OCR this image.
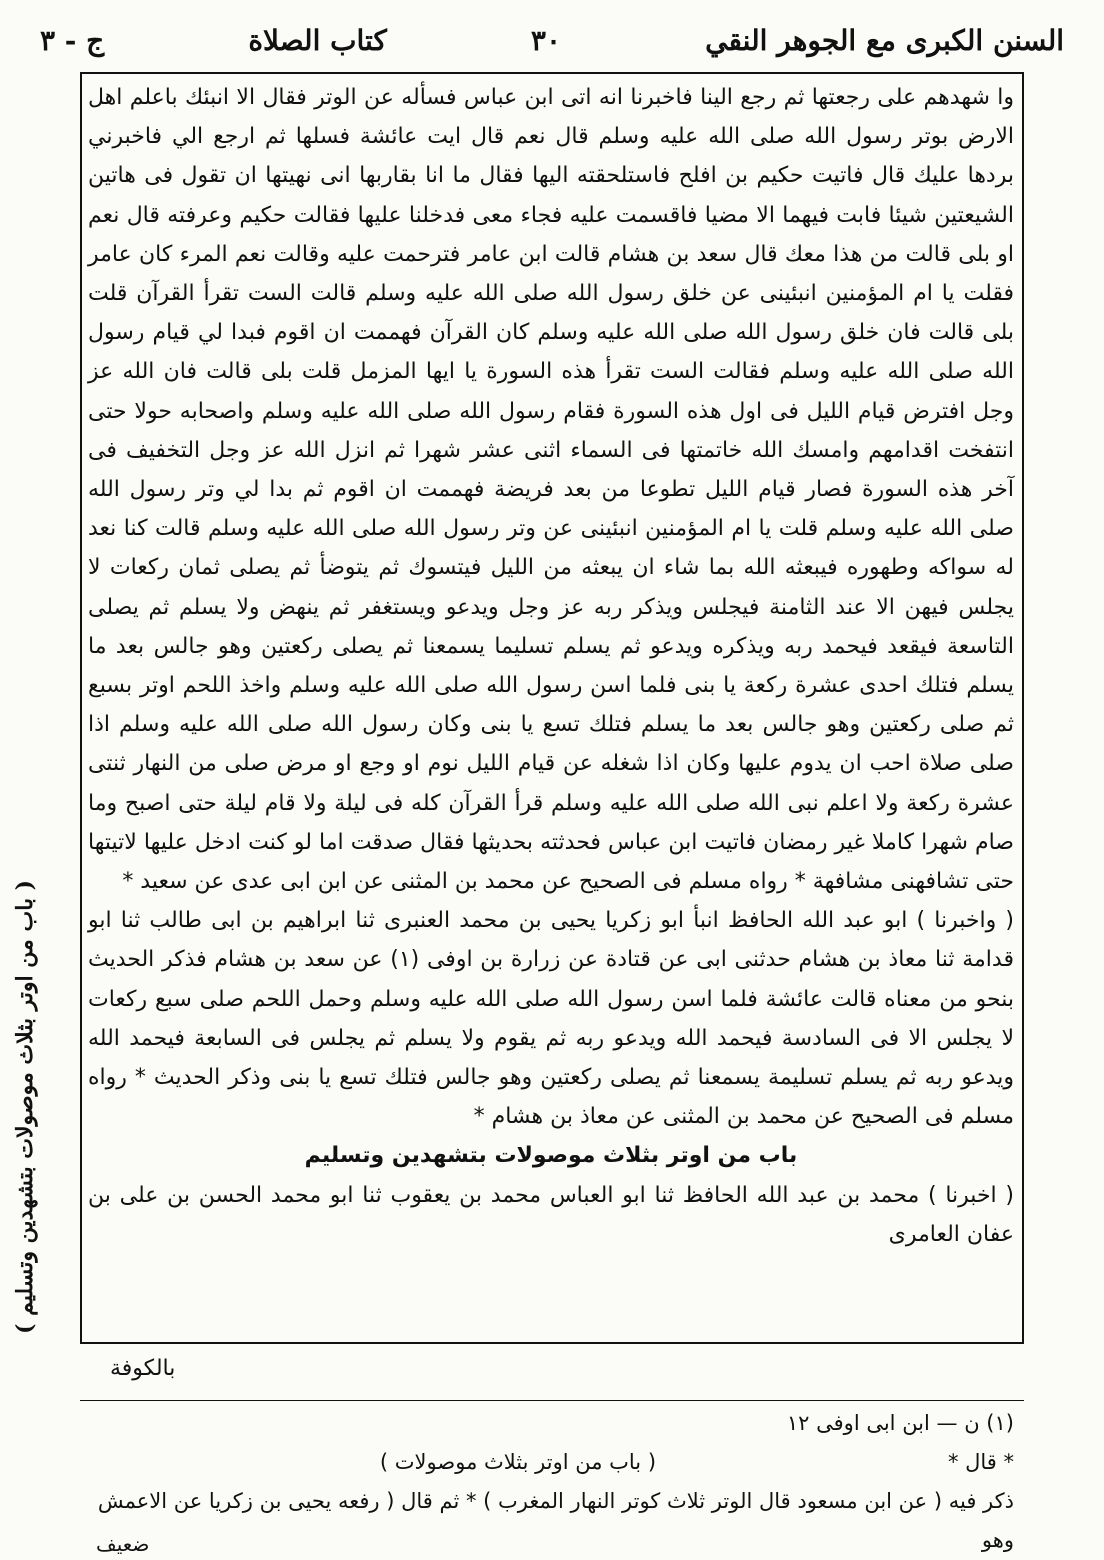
السنن الكبرى مع الجوهر النقي
٣٠
كتاب الصلاة
ج - ٣

وا شهدهم على رجعتها ثم رجع الينا فاخبرنا انه اتى ابن عباس فسأله عن الوتر فقال الا انبئك باعلم اهل الارض بوتر رسول الله صلى الله عليه وسلم قال نعم قال ايت عائشة فسلها ثم ارجع الي فاخبرني بردها عليك قال فاتيت حكيم بن افلح فاستلحقته اليها فقال ما انا بقاربها انى نهيتها ان تقول فى هاتين الشيعتين شيئا فابت فيهما الا مضيا فاقسمت عليه فجاء معى فدخلنا عليها فقالت حكيم وعرفته قال نعم او بلى قالت من هذا معك قال سعد بن هشام قالت ابن عامر فترحمت عليه وقالت نعم المرء كان عامر فقلت يا ام المؤمنين انبئينى عن خلق رسول الله صلى الله عليه وسلم قالت الست تقرأ القرآن قلت بلى قالت فان خلق رسول الله صلى الله عليه وسلم كان القرآن فهممت ان اقوم فبدا لي قيام رسول الله صلى الله عليه وسلم فقالت الست تقرأ هذه السورة يا ايها المزمل قلت بلى قالت فان الله عز وجل افترض قيام الليل فى اول هذه السورة فقام رسول الله صلى الله عليه وسلم واصحابه حولا حتى انتفخت اقدامهم وامسك الله خاتمتها فى السماء اثنى عشر شهرا ثم انزل الله عز وجل التخفيف فى آخر هذه السورة فصار قيام الليل تطوعا من بعد فريضة فهممت ان اقوم ثم بدا لي وتر رسول الله صلى الله عليه وسلم قلت يا ام المؤمنين انبئينى عن وتر رسول الله صلى الله عليه وسلم قالت كنا نعد له سواكه وطهوره فيبعثه الله بما شاء ان يبعثه من الليل فيتسوك ثم يتوضأ ثم يصلى ثمان ركعات لا يجلس فيهن الا عند الثامنة فيجلس ويذكر ربه عز وجل ويدعو ويستغفر ثم ينهض ولا يسلم ثم يصلى التاسعة فيقعد فيحمد ربه ويذكره ويدعو ثم يسلم تسليما يسمعنا ثم يصلى ركعتين وهو جالس بعد ما يسلم فتلك احدى عشرة ركعة يا بنى فلما اسن رسول الله صلى الله عليه وسلم واخذ اللحم اوتر بسبع ثم صلى ركعتين وهو جالس بعد ما يسلم فتلك تسع يا بنى وكان رسول الله صلى الله عليه وسلم اذا صلى صلاة احب ان يدوم عليها وكان اذا شغله عن قيام الليل نوم او وجع او مرض صلى من النهار ثنتى عشرة ركعة ولا اعلم نبى الله صلى الله عليه وسلم قرأ القرآن كله فى ليلة ولا قام ليلة حتى اصبح وما صام شهرا كاملا غير رمضان فاتيت ابن عباس فحدثته بحديثها فقال صدقت اما لو كنت ادخل عليها لاتيتها حتى تشافهنى مشافهة * رواه مسلم فى الصحيح عن محمد بن المثنى عن ابن ابى عدى عن سعيد *

( واخبرنا ) ابو عبد الله الحافظ انبأ ابو زكريا يحيى بن محمد العنبرى ثنا ابراهيم بن ابى طالب ثنا ابو قدامة ثنا معاذ بن هشام حدثنى ابى عن قتادة عن زرارة بن اوفى (١) عن سعد بن هشام فذكر الحديث بنحو من معناه قالت عائشة فلما اسن رسول الله صلى الله عليه وسلم وحمل اللحم صلى سبع ركعات لا يجلس الا فى السادسة فيحمد الله ويدعو ربه ثم يقوم ولا يسلم ثم يجلس فى السابعة فيحمد الله ويدعو ربه ثم يسلم تسليمة يسمعنا ثم يصلى ركعتين وهو جالس فتلك تسع يا بنى وذكر الحديث * رواه مسلم فى الصحيح عن محمد بن المثنى عن معاذ بن هشام *

باب من اوتر بثلاث موصولات بتشهدين وتسليم

( اخبرنا ) محمد بن عبد الله الحافظ ثنا ابو العباس محمد بن يعقوب ثنا ابو محمد الحسن بن على بن عفان العامرى

( باب من اوتر بثلاث موصولات بتشهدين وتسليم )
بالكوفة

(١) ن — ابن ابى اوفى ١٢

* قال *
( باب من اوتر بثلاث موصولات )

ذكر فيه ( عن ابن مسعود قال الوتر ثلاث كوتر النهار المغرب ) * ثم قال ( رفعه يحيى بن زكريا عن الاعمش وهو

ضعيف
